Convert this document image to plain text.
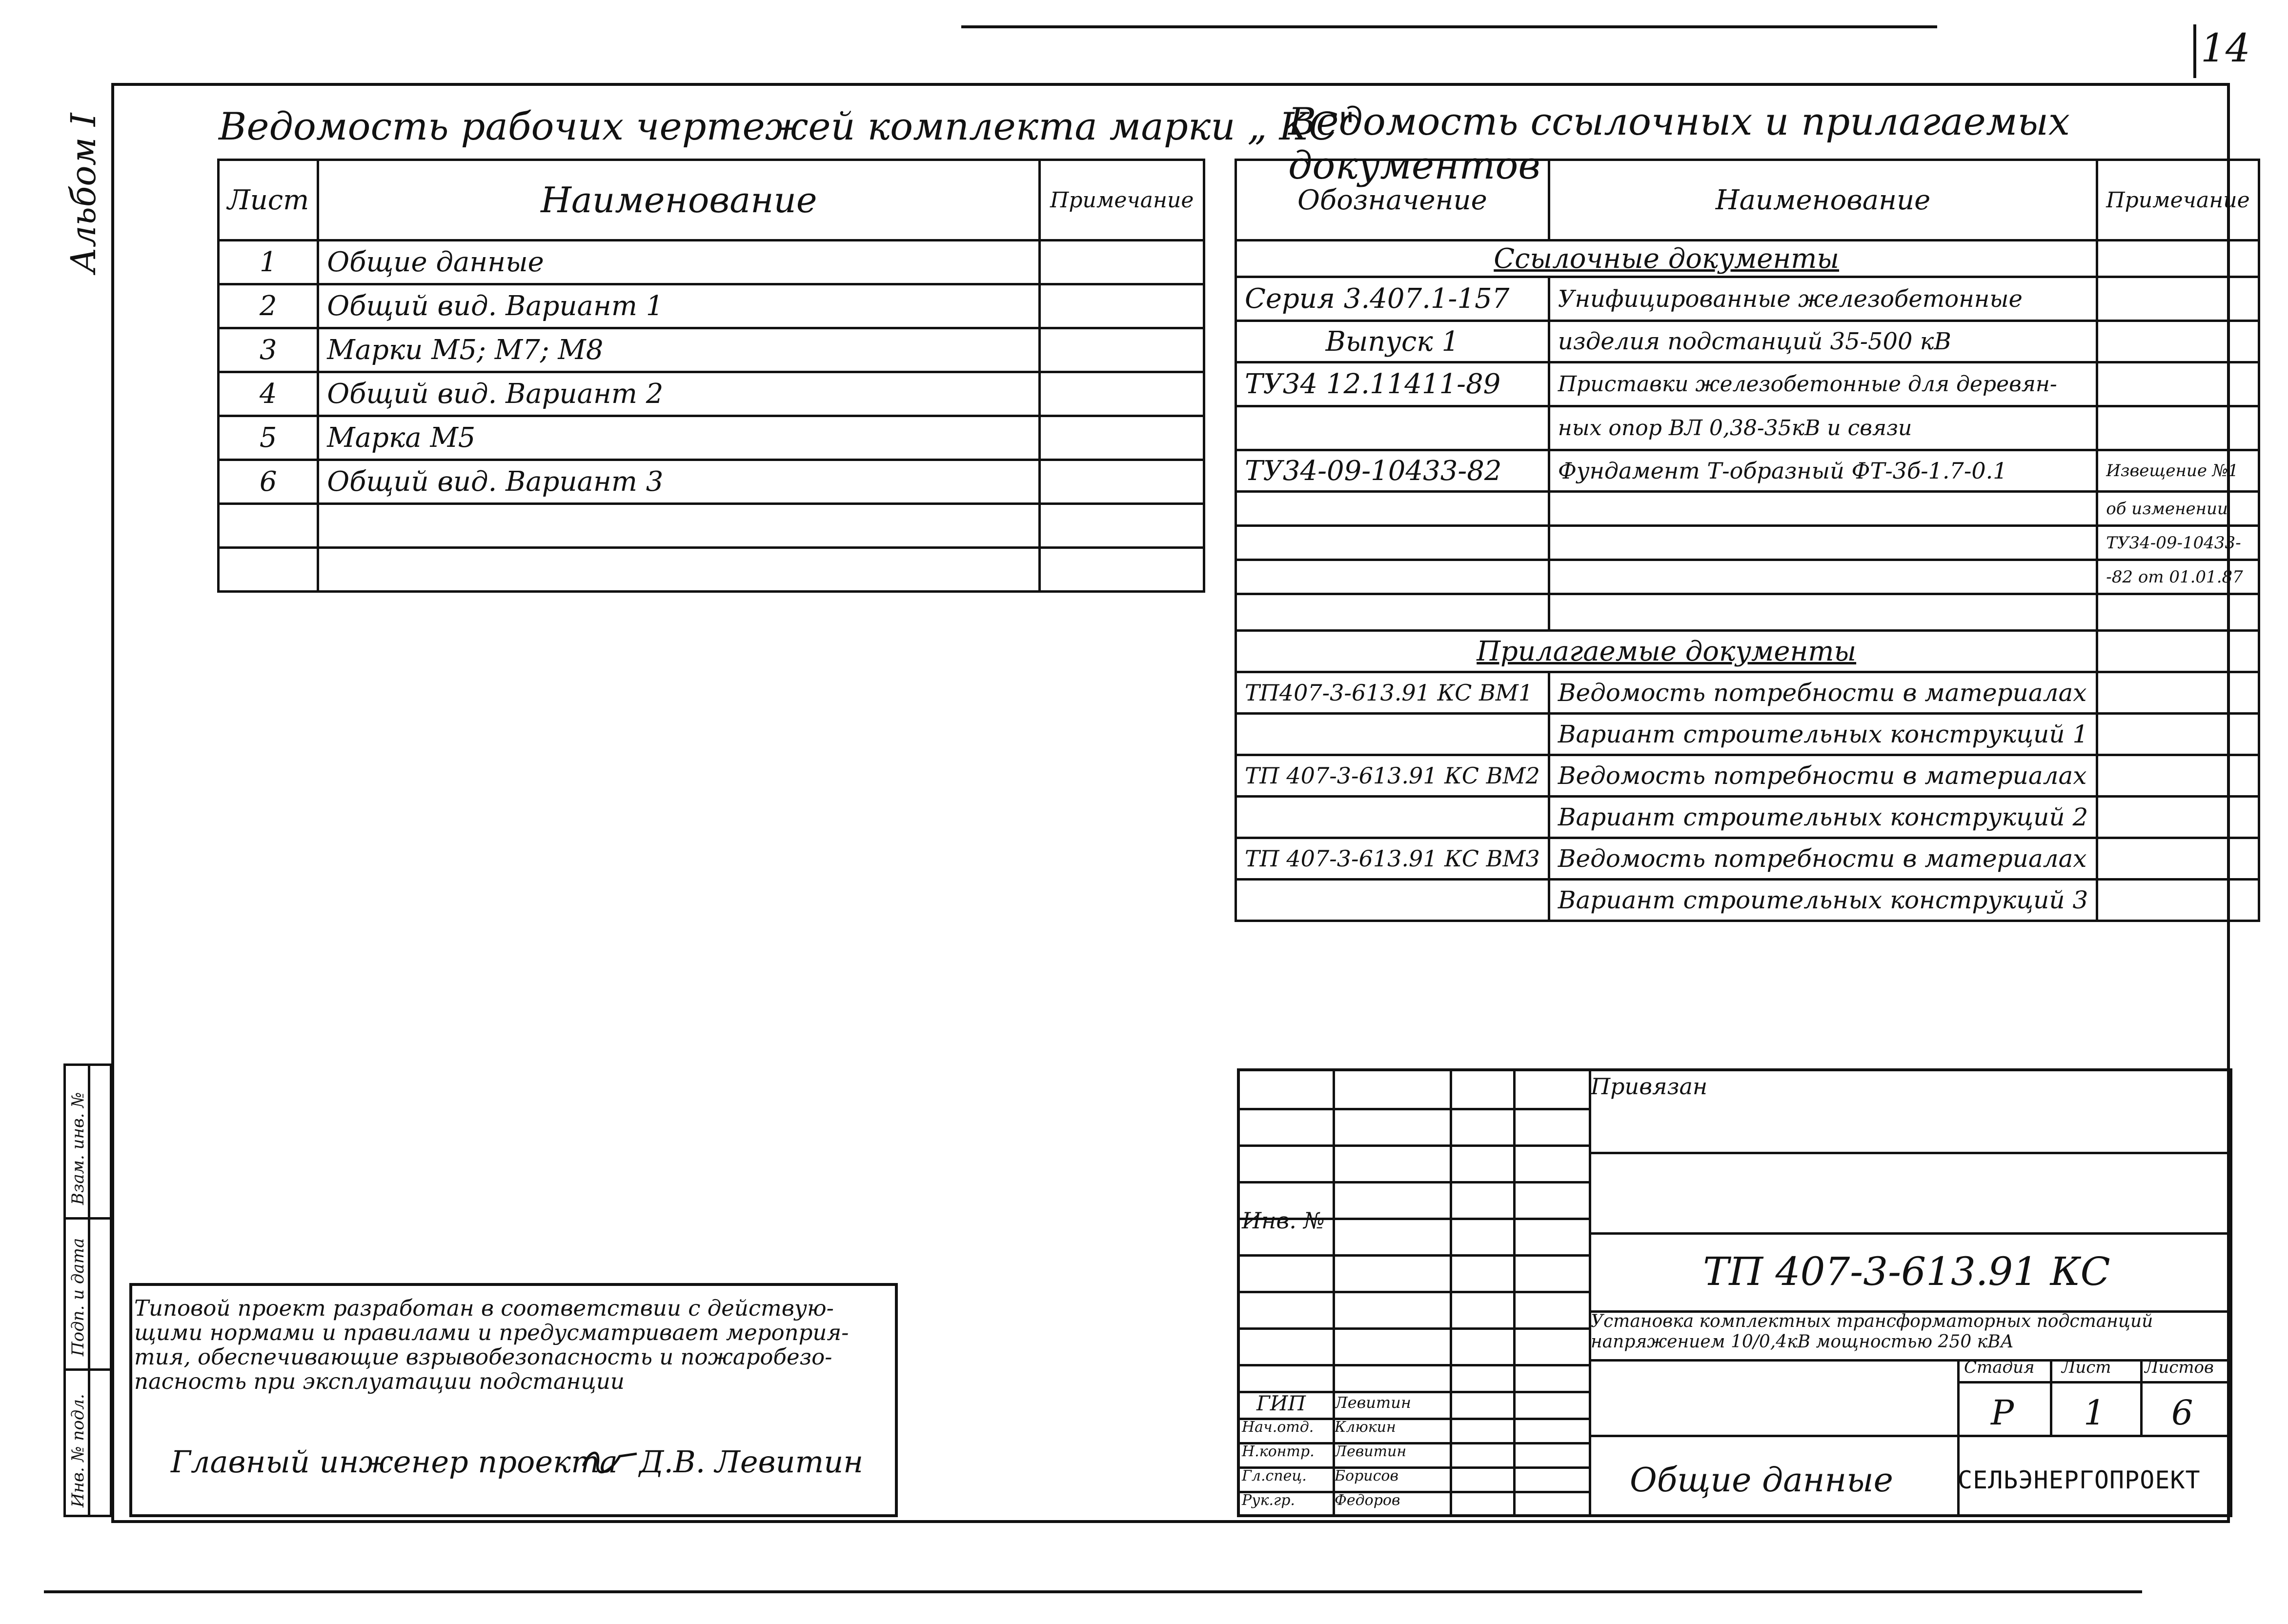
14
Альбом I	Ведомость рабочих чертежей комплекта марки „ КС"
Лист	Наименование	Примечание
1	Общие данные	
2	Общий вид. Вариант 1	
3	Марки М5; М7; М8	
4	Общий вид. Вариант 2	
5	Марка М5	
6	Общий вид. Вариант 3	

Ведомость ссылочных и прилагаемых документов
Обозначение	Наименование	Примечание
Ссылочные документы		
Серия 3.407.1-157	Унифицированные железобетонные	
Выпуск 1	изделия подстанций 35-500 кВ	
ТУ34 12.11411-89	Приставки железобетонные для деревян-	
	ных опор ВЛ 0,38-35кВ и связи	
ТУ34-09-10433-82	Фундамент Т-образный ФТ-3б-1.7-0.1	Извещение №1
		об изменении
		ТУ34-09-10433-
		-82 от 01.01.87

Прилагаемые документы		
ТП407-3-613.91 КС ВМ1	Ведомость потребности в материалах	
	Вариант строительных конструкций 1	
ТП 407-3-613.91 КС ВМ2	Ведомость потребности в материалах	
	Вариант строительных конструкций 2	
ТП 407-3-613.91 КС ВМ3	Ведомость потребности в материалах	
	Вариант строительных конструкций 3	
Взам. инв. №
Подп. и дата
Инв. № подл.
Типовой проект разработан в соответствии с действую-
щими нормами и правилами и предусматривает мероприя-
тия, обеспечивающие взрывобезопасность и пожаробезо-
пасность при эксплуатации подстанции
Главный инженер проекта Д.В. Левитин
Привязан
Инв. №
ТП 407-3-613.91 КС
Установка комплектных трансформаторных подстанций
напряжением 10/0,4кВ мощностью 250 кВА
Стадия Лист Листов
Р 1 6
Общие данные	СЕЛЬЭНЕРГОПРОЕКТ
ГИП Левитин
Нач.отд. Клюкин
Н.контр. Левитин
Гл.спец. Борисов
Рук.гр.	Федоров
